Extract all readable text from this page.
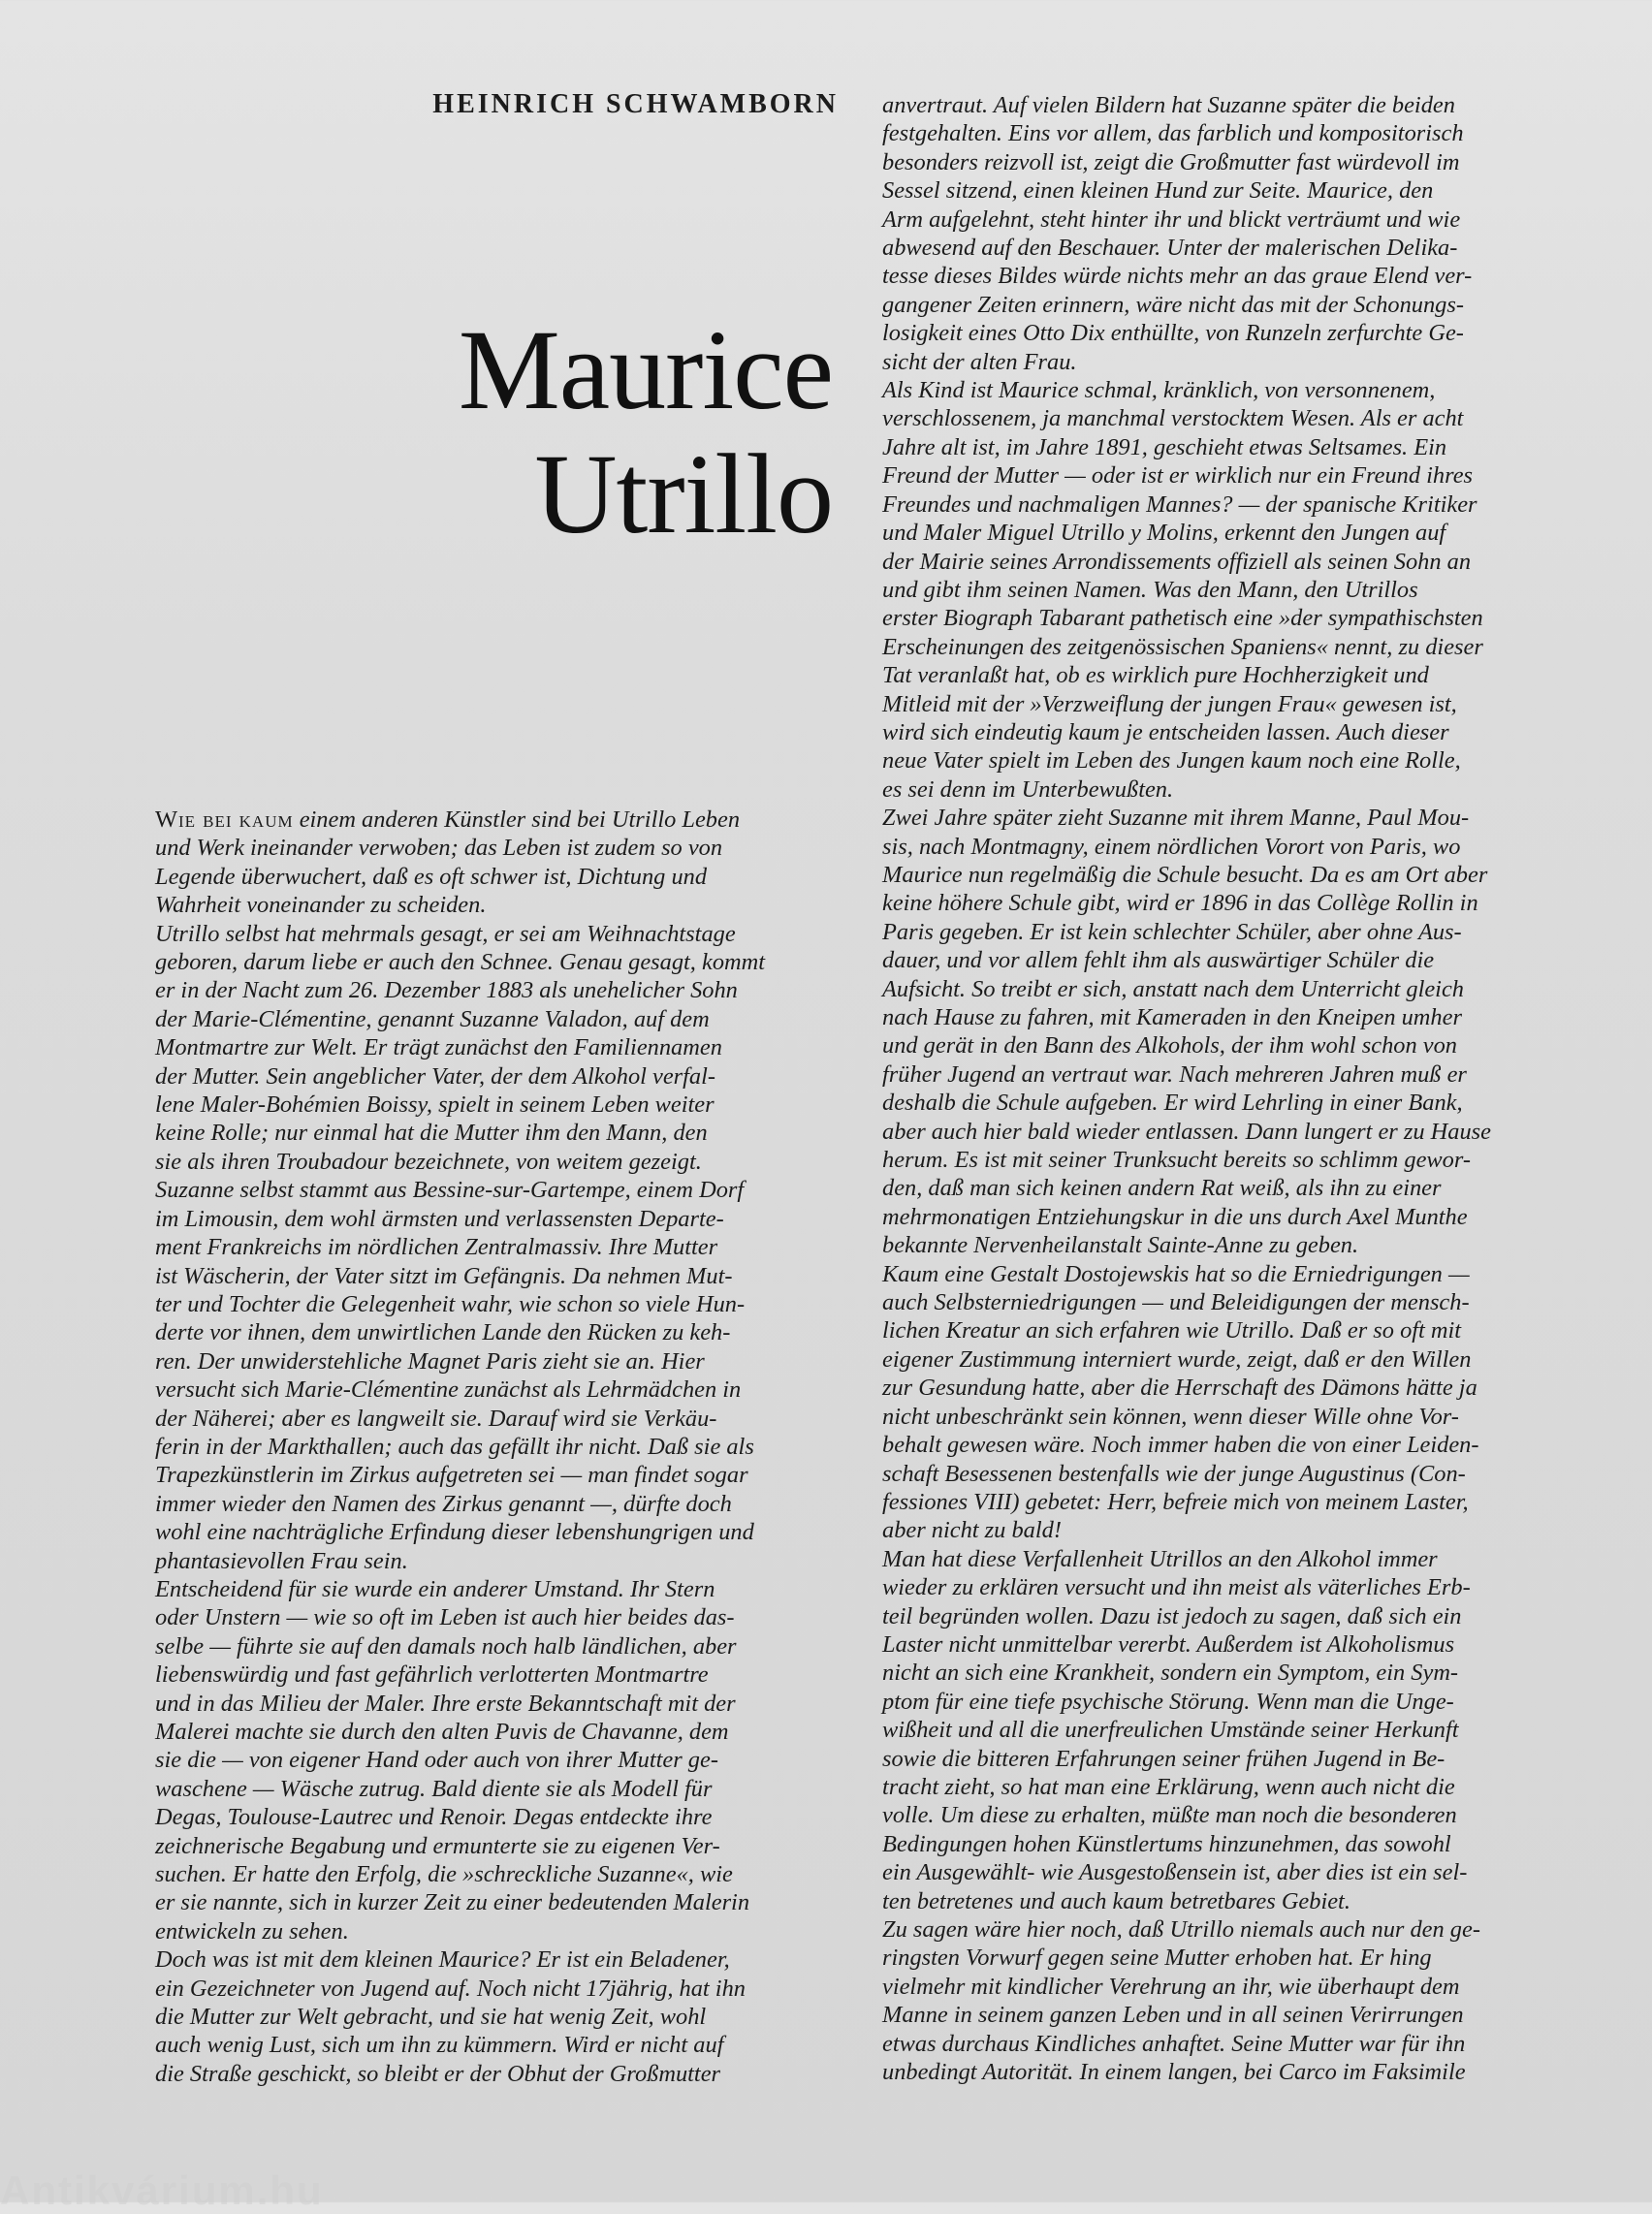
HEINRICH SCHWAMBORN
Maurice
Utrillo
Wie bei kaum einem anderen Künstler sind bei Utrillo Leben
und Werk ineinander verwoben; das Leben ist zudem so von
Legende überwuchert, daß es oft schwer ist, Dichtung und
Wahrheit voneinander zu scheiden.
Utrillo selbst hat mehrmals gesagt, er sei am Weihnachtstage
geboren, darum liebe er auch den Schnee. Genau gesagt, kommt
er in der Nacht zum 26. Dezember 1883 als unehelicher Sohn
der Marie-Clémentine, genannt Suzanne Valadon, auf dem
Montmartre zur Welt. Er trägt zunächst den Familiennamen
der Mutter. Sein angeblicher Vater, der dem Alkohol verfal-
lene Maler-Bohémien Boissy, spielt in seinem Leben weiter
keine Rolle; nur einmal hat die Mutter ihm den Mann, den
sie als ihren Troubadour bezeichnete, von weitem gezeigt.
Suzanne selbst stammt aus Bessine-sur-Gartempe, einem Dorf
im Limousin, dem wohl ärmsten und verlassensten Departe-
ment Frankreichs im nördlichen Zentralmassiv. Ihre Mutter
ist Wäscherin, der Vater sitzt im Gefängnis. Da nehmen Mut-
ter und Tochter die Gelegenheit wahr, wie schon so viele Hun-
derte vor ihnen, dem unwirtlichen Lande den Rücken zu keh-
ren. Der unwiderstehliche Magnet Paris zieht sie an. Hier
versucht sich Marie-Clémentine zunächst als Lehrmädchen in
der Näherei; aber es langweilt sie. Darauf wird sie Verkäu-
ferin in der Markthallen; auch das gefällt ihr nicht. Daß sie als
Trapezkünstlerin im Zirkus aufgetreten sei — man findet sogar
immer wieder den Namen des Zirkus genannt —, dürfte doch
wohl eine nachträgliche Erfindung dieser lebenshungrigen und
phantasievollen Frau sein.
Entscheidend für sie wurde ein anderer Umstand. Ihr Stern
oder Unstern — wie so oft im Leben ist auch hier beides das-
selbe — führte sie auf den damals noch halb ländlichen, aber
liebenswürdig und fast gefährlich verlotterten Montmartre
und in das Milieu der Maler. Ihre erste Bekanntschaft mit der
Malerei machte sie durch den alten Puvis de Chavanne, dem
sie die — von eigener Hand oder auch von ihrer Mutter ge-
waschene — Wäsche zutrug. Bald diente sie als Modell für
Degas, Toulouse-Lautrec und Renoir. Degas entdeckte ihre
zeichnerische Begabung und ermunterte sie zu eigenen Ver-
suchen. Er hatte den Erfolg, die »schreckliche Suzanne«, wie
er sie nannte, sich in kurzer Zeit zu einer bedeutenden Malerin
entwickeln zu sehen.
Doch was ist mit dem kleinen Maurice? Er ist ein Beladener,
ein Gezeichneter von Jugend auf. Noch nicht 17jährig, hat ihn
die Mutter zur Welt gebracht, und sie hat wenig Zeit, wohl
auch wenig Lust, sich um ihn zu kümmern. Wird er nicht auf
die Straße geschickt, so bleibt er der Obhut der Großmutter
anvertraut. Auf vielen Bildern hat Suzanne später die beiden
festgehalten. Eins vor allem, das farblich und kompositorisch
besonders reizvoll ist, zeigt die Großmutter fast würdevoll im
Sessel sitzend, einen kleinen Hund zur Seite. Maurice, den
Arm aufgelehnt, steht hinter ihr und blickt verträumt und wie
abwesend auf den Beschauer. Unter der malerischen Delika-
tesse dieses Bildes würde nichts mehr an das graue Elend ver-
gangener Zeiten erinnern, wäre nicht das mit der Schonungs-
losigkeit eines Otto Dix enthüllte, von Runzeln zerfurchte Ge-
sicht der alten Frau.
Als Kind ist Maurice schmal, kränklich, von versonnenem,
verschlossenem, ja manchmal verstocktem Wesen. Als er acht
Jahre alt ist, im Jahre 1891, geschieht etwas Seltsames. Ein
Freund der Mutter — oder ist er wirklich nur ein Freund ihres
Freundes und nachmaligen Mannes? — der spanische Kritiker
und Maler Miguel Utrillo y Molins, erkennt den Jungen auf
der Mairie seines Arrondissements offiziell als seinen Sohn an
und gibt ihm seinen Namen. Was den Mann, den Utrillos
erster Biograph Tabarant pathetisch eine »der sympathischsten
Erscheinungen des zeitgenössischen Spaniens« nennt, zu dieser
Tat veranlaßt hat, ob es wirklich pure Hochherzigkeit und
Mitleid mit der »Verzweiflung der jungen Frau« gewesen ist,
wird sich eindeutig kaum je entscheiden lassen. Auch dieser
neue Vater spielt im Leben des Jungen kaum noch eine Rolle,
es sei denn im Unterbewußten.
Zwei Jahre später zieht Suzanne mit ihrem Manne, Paul Mou-
sis, nach Montmagny, einem nördlichen Vorort von Paris, wo
Maurice nun regelmäßig die Schule besucht. Da es am Ort aber
keine höhere Schule gibt, wird er 1896 in das Collège Rollin in
Paris gegeben. Er ist kein schlechter Schüler, aber ohne Aus-
dauer, und vor allem fehlt ihm als auswärtiger Schüler die
Aufsicht. So treibt er sich, anstatt nach dem Unterricht gleich
nach Hause zu fahren, mit Kameraden in den Kneipen umher
und gerät in den Bann des Alkohols, der ihm wohl schon von
früher Jugend an vertraut war. Nach mehreren Jahren muß er
deshalb die Schule aufgeben. Er wird Lehrling in einer Bank,
aber auch hier bald wieder entlassen. Dann lungert er zu Hause
herum. Es ist mit seiner Trunksucht bereits so schlimm gewor-
den, daß man sich keinen andern Rat weiß, als ihn zu einer
mehrmonatigen Entziehungskur in die uns durch Axel Munthe
bekannte Nervenheilanstalt Sainte-Anne zu geben.
Kaum eine Gestalt Dostojewskis hat so die Erniedrigungen —
auch Selbsterniedrigungen — und Beleidigungen der mensch-
lichen Kreatur an sich erfahren wie Utrillo. Daß er so oft mit
eigener Zustimmung interniert wurde, zeigt, daß er den Willen
zur Gesundung hatte, aber die Herrschaft des Dämons hätte ja
nicht unbeschränkt sein können, wenn dieser Wille ohne Vor-
behalt gewesen wäre. Noch immer haben die von einer Leiden-
schaft Besessenen bestenfalls wie der junge Augustinus (Con-
fessiones VIII) gebetet: Herr, befreie mich von meinem Laster,
aber nicht zu bald!
Man hat diese Verfallenheit Utrillos an den Alkohol immer
wieder zu erklären versucht und ihn meist als väterliches Erb-
teil begründen wollen. Dazu ist jedoch zu sagen, daß sich ein
Laster nicht unmittelbar vererbt. Außerdem ist Alkoholismus
nicht an sich eine Krankheit, sondern ein Symptom, ein Sym-
ptom für eine tiefe psychische Störung. Wenn man die Unge-
wißheit und all die unerfreulichen Umstände seiner Herkunft
sowie die bitteren Erfahrungen seiner frühen Jugend in Be-
tracht zieht, so hat man eine Erklärung, wenn auch nicht die
volle. Um diese zu erhalten, müßte man noch die besonderen
Bedingungen hohen Künstlertums hinzunehmen, das sowohl
ein Ausgewählt- wie Ausgestoßensein ist, aber dies ist ein sel-
ten betretenes und auch kaum betretbares Gebiet.
Zu sagen wäre hier noch, daß Utrillo niemals auch nur den ge-
ringsten Vorwurf gegen seine Mutter erhoben hat. Er hing
vielmehr mit kindlicher Verehrung an ihr, wie überhaupt dem
Manne in seinem ganzen Leben und in all seinen Verirrungen
etwas durchaus Kindliches anhaftet. Seine Mutter war für ihn
unbedingt Autorität. In einem langen, bei Carco im Faksimile
Antikvárium.hu
